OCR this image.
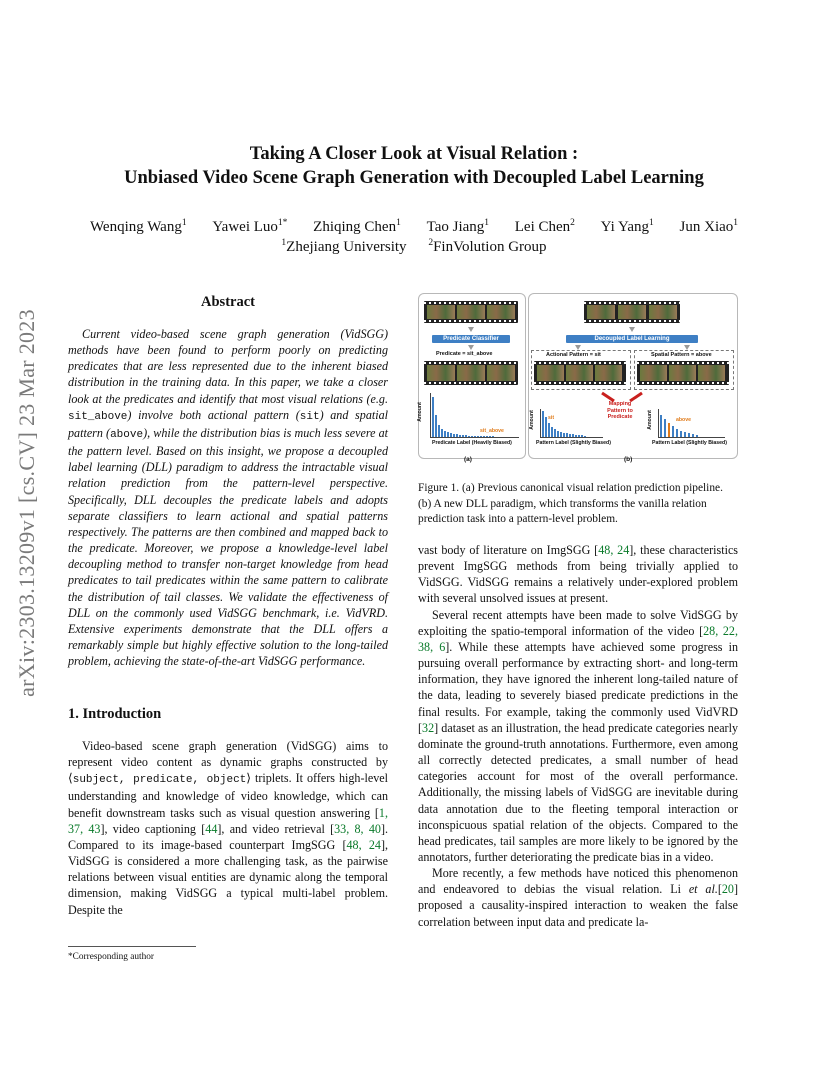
arXiv:2303.13209v1 [cs.CV] 23 Mar 2023
Taking A Closer Look at Visual Relation :
Unbiased Video Scene Graph Generation with Decoupled Label Learning
Wenqing Wang$^1$ Yawei Luo$^{1*}$ Zhiqing Chen$^1$ Tao Jiang$^1$ Lei Chen$^2$ Yi Yang$^1$ Jun Xiao$^1$
$^1$Zhejiang University $^2$FinVolution Group
Abstract

Current video-based scene graph generation (VidSGG) methods have been found to perform poorly on predicting predicates that are less represented due to the inherent biased distribution in the training data. In this paper, we take a closer look at the predicates and identify that most visual relations (e.g. sit_above) involve both actional pattern (sit) and spatial pattern (above), while the distribution bias is much less severe at the pattern level. Based on this insight, we propose a decoupled label learning (DLL) paradigm to address the intractable visual relation prediction from the pattern-level perspective. Specifically, DLL decouples the predicate labels and adopts separate classifiers to learn actional and spatial patterns respectively. The patterns are then combined and mapped back to the predicate. Moreover, we propose a knowledge-level label decoupling method to transfer non-target knowledge from head predicates to tail predicates within the same pattern to calibrate the distribution of tail classes. We validate the effectiveness of DLL on the commonly used VidSGG benchmark, i.e. VidVRD. Extensive experiments demonstrate that the DLL offers a remarkably simple but highly effective solution to the long-tailed problem, achieving the state-of-the-art VidSGG performance.

1. Introduction

Video-based scene graph generation (VidSGG) aims to represent video content as dynamic graphs constructed by ⟨subject, predicate, object⟩ triplets. It offers high-level understanding and knowledge of video knowledge, which can benefit downstream tasks such as visual question answering [1, 37, 43], video captioning [44], and video retrieval [33, 8, 40]. Compared to its image-based counterpart ImgSGG [48, 24], VidSGG is considered a more challenging task, as the pairwise relations between visual entities are dynamic along the temporal dimension, making VidSGG a typical multi-label problem. Despite the

*Corresponding author
Predicate Classifier
Predicate = sit_above
Amount
sit_above
Predicate Label (Heavily Biased)
(a)
Decoupled Label Learning
Actional Pattern = sit	Spatial Pattern = above
Amount	sit
Mapping Pattern to Predicate	Amount	above
Pattern Label (Slightly Biased)	Pattern Label (Slightly Biased)
(b)
Figure 1. (a) Previous canonical visual relation prediction pipeline. (b) A new DLL paradigm, which transforms the vanilla relation prediction task into a pattern-level problem.

vast body of literature on ImgSGG [48, 24], these characteristics prevent ImgSGG methods from being trivially applied to VidSGG. VidSGG remains a relatively under-explored problem with several unsolved issues at present.

Several recent attempts have been made to solve VidSGG by exploiting the spatio-temporal information of the video [28, 22, 38, 6]. While these attempts have achieved some progress in pursuing overall performance by extracting short- and long-term information, they have ignored the inherent long-tailed nature of the data, leading to severely biased predicate predictions in the final results. For example, taking the commonly used VidVRD [32] dataset as an illustration, the head predicate categories nearly dominate the ground-truth annotations. Furthermore, even among all correctly detected predicates, a small number of head categories account for most of the overall performance. Additionally, the missing labels of VidSGG are inevitable during data annotation due to the fleeting temporal interaction or inconspicuous spatial relation of the objects. Compared to the head predicates, tail samples are more likely to be ignored by the annotators, further deteriorating the predicate bias in a video.

More recently, a few methods have noticed this phenomenon and endeavored to debias the visual relation. Li et al.[20] proposed a causality-inspired interaction to weaken the false correlation between input data and predicate la-
